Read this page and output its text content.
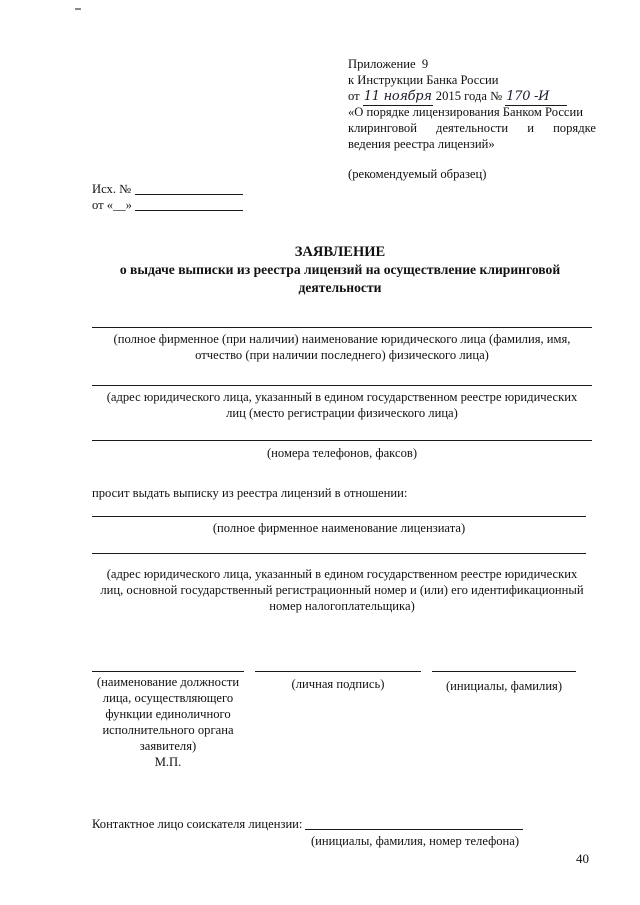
Приложение 9
к Инструкции Банка России
от 11 ноября 2015 года № 170 -И
«О порядке лицензирования Банком России
клиринговой деятельности и порядке
ведения реестра лицензий»
(рекомендуемый образец)
Исх. №
от «__»
ЗАЯВЛЕНИЕ
о выдаче выписки из реестра лицензий на осуществление клиринговой
деятельности
(полное фирменное (при наличии) наименование юридического лица (фамилия, имя,
отчество (при наличии последнего) физического лица)
(адрес юридического лица, указанный в едином государственном реестре юридических
лиц (место регистрации физического лица)
(номера телефонов, факсов)
просит выдать выписку из реестра лицензий в отношении:
(полное фирменное наименование лицензиата)
(адрес юридического лица, указанный в едином государственном реестре юридических
лиц, основной государственный регистрационный номер и (или) его идентификационный
номер налогоплательщика)
(наименование должности
лица, осуществляющего
функции единоличного
исполнительного органа
заявителя)
М.П.
(личная подпись)	(инициалы, фамилия)
Контактное лицо соискателя лицензии:
(инициалы, фамилия, номер телефона)
40
